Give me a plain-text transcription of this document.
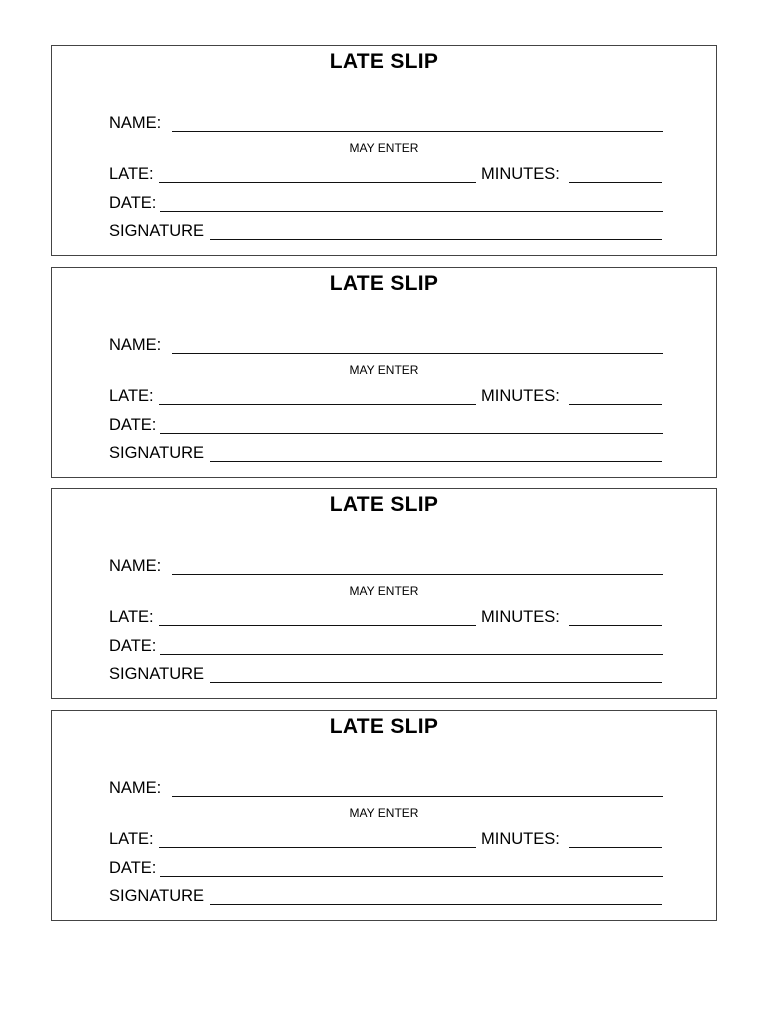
LATE SLIP
NAME:
MAY ENTER
LATE:	MINUTES:
DATE:
SIGNATURE
LATE SLIP
NAME:
MAY ENTER
LATE:	MINUTES:
DATE:
SIGNATURE
LATE SLIP
NAME:
MAY ENTER
LATE:	MINUTES:
DATE:
SIGNATURE
LATE SLIP
NAME:
MAY ENTER
LATE:	MINUTES:
DATE:
SIGNATURE
